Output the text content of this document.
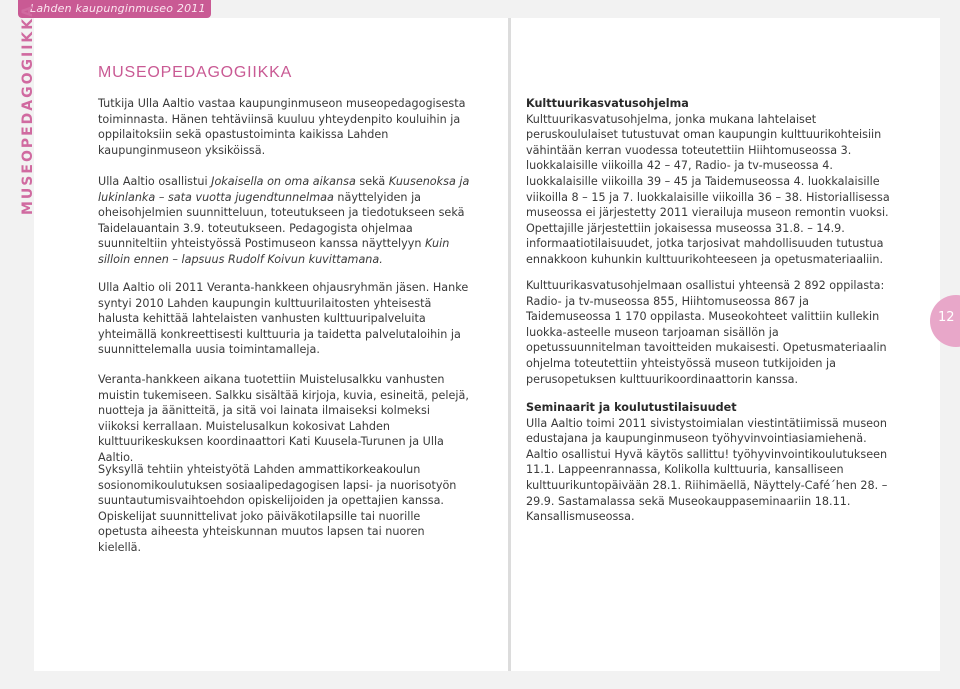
Lahden kaupunginmuseo 2011
MUSEOPEDAGOGIIKKA
12
MUSEOPEDAGOGIIKKA

Tutkija Ulla Aaltio vastaa kaupunginmuseon museopedagogisesta toiminnasta. Hänen tehtäviinsä kuuluu yhteydenpito kouluihin ja oppilaitoksiin sekä opastustoiminta kaikissa Lahden kaupunginmuseon yksiköissä.

Ulla Aaltio osallistui Jokaisella on oma aikansa sekä Kuusenoksa ja lukinlanka – sata vuotta jugendtunnelmaa näyttelyiden ja oheisohjelmien suunnitteluun, toteutukseen ja tiedotukseen sekä Taidelauantain 3.9. toteutukseen. Pedagogista ohjelmaa suunniteltiin yhteistyössä Postimuseon kanssa näyttelyyn Kuin silloin ennen – lapsuus Rudolf Koivun kuvittamana.

Ulla Aaltio oli 2011 Veranta-hankkeen ohjausryhmän jäsen. Hanke syntyi 2010 Lahden kaupungin kulttuurilaitosten yhteisestä halusta kehittää lahtelaisten vanhusten kulttuuripalveluita yhteimällä konkreettisesti kulttuuria ja taidetta palvelutaloihin ja suunnittelemalla uusia toimintamalleja.

Veranta-hankkeen aikana tuotettiin Muistelusalkku vanhusten muistin tukemiseen. Salkku sisältää kirjoja, kuvia, esineitä, pelejä, nuotteja ja äänitteitä, ja sitä voi lainata ilmaiseksi kolmeksi viikoksi kerrallaan. Muistelusalkun kokosivat Lahden kulttuurikeskuksen koordinaattori Kati Kuusela-Turunen ja Ulla Aaltio.

Syksyllä tehtiin yhteistyötä Lahden ammattikorkeakoulun sosionomikoulutuksen sosiaalipedagogisen lapsi- ja nuorisotyön suuntautumisvaihtoehdon opiskelijoiden ja opettajien kanssa. Opiskelijat suunnittelivat joko päiväkotilapsille tai nuorille opetusta aiheesta yhteiskunnan muutos lapsen tai nuoren kielellä.

Kulttuurikasvatusohjelma

Kulttuurikasvatusohjelma, jonka mukana lahtelaiset peruskoululaiset tutustuvat oman kaupungin kulttuurikohteisiin vähintään kerran vuodessa toteutettiin Hiihtomuseossa 3. luokkalaisille viikoilla 42 – 47, Radio- ja tv-museossa 4. luokkalaisille viikoilla 39 – 45 ja Taidemuseossa 4. luokkalaisille viikoilla 8 – 15 ja 7. luokkalaisille viikoilla 36 – 38. Historiallisessa museossa ei järjestetty 2011 vierailuja museon remontin vuoksi. Opettajille järjestettiin jokaisessa museossa 31.8. – 14.9. informaatiotilaisuudet, jotka tarjosivat mahdollisuuden tutustua ennakkoon kuhunkin kulttuurikohteeseen ja opetusmateriaaliin.

Kulttuurikasvatusohjelmaan osallistui yhteensä 2 892 oppilasta: Radio- ja tv-museossa 855, Hiihtomuseossa 867 ja Taidemuseossa 1 170 oppilasta. Museokohteet valittiin kullekin luokka-asteelle museon tarjoaman sisällön ja opetussuunnitelman tavoitteiden mukaisesti. Opetusmateriaalin ohjelma toteutettiin yhteistyössä museon tutkijoiden ja perusopetuksen kulttuurikoordinaattorin kanssa.

Seminaarit ja koulutustilaisuudet

Ulla Aaltio toimi 2011 sivistystoimialan viestintätiimissä museon edustajana ja kaupunginmuseon työhyvinvointiasiamiehenä. Aaltio osallistui Hyvä käytös sallittu! työhyvinvointikoulutukseen 11.1. Lappeenrannassa, Kolikolla kulttuuria, kansalliseen kulttuurikuntopäivään 28.1. Riihimäellä, Näyttely-Café´hen 28. – 29.9. Sastamalassa sekä Museokauppaseminaariin 18.11. Kansallismuseossa.
